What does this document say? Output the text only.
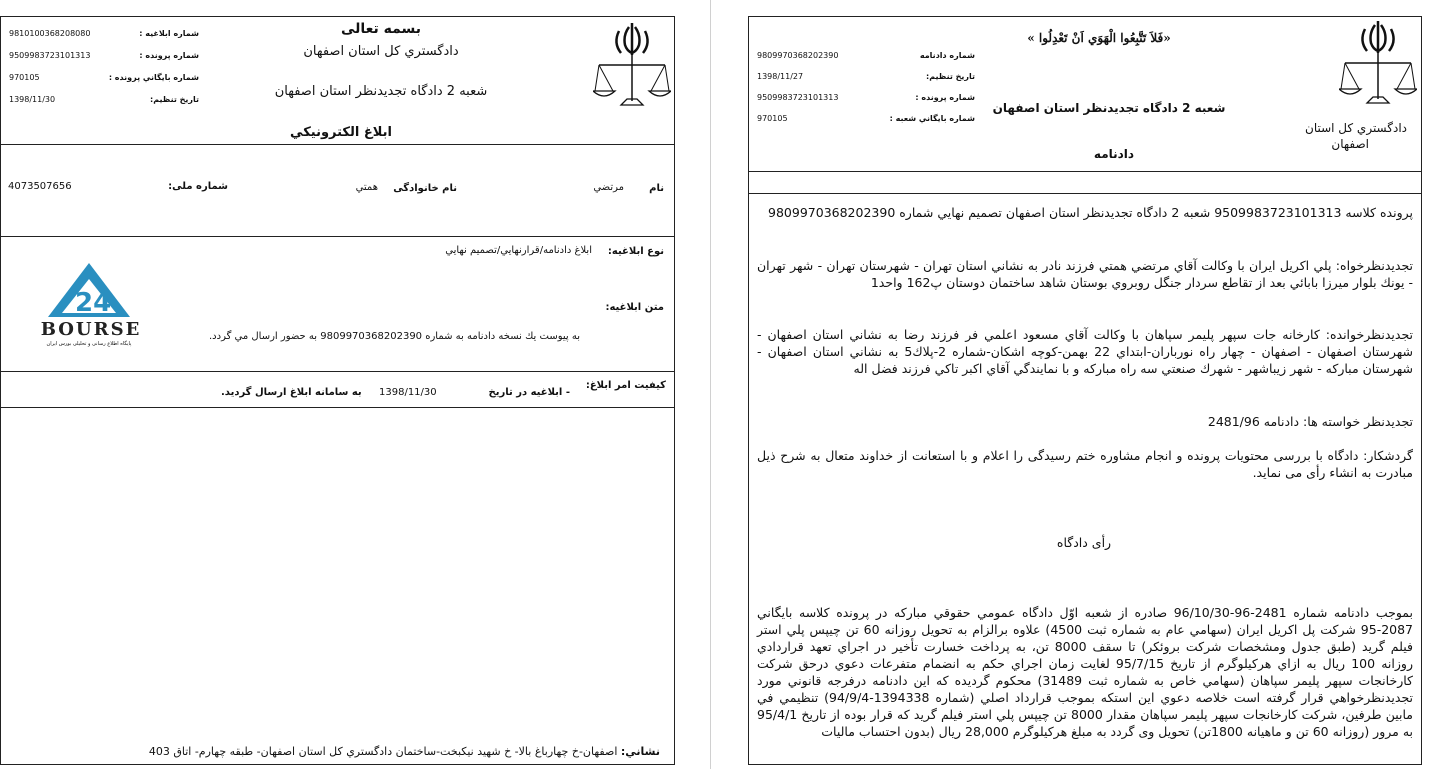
بسمه تعالی
دادگستري کل استان اصفهان
شعبه 2 دادگاه تجديدنظر استان اصفهان
9810100368208080	شماره ابلاغيه :
9509983723101313	شماره پرونده :
970105	شماره بايگاني پرونده :
1398/11/30	تاريخ تنظيم:
ابلاغ الکترونيکي
نام
مرتضي
نام خانوادگی
همتي
شماره ملی:
4073507656
نوع ابلاغيه:
ابلاغ دادنامه/قرارنهايي/تصميم نهايي
متن ابلاغيه:
به پيوست يك نسخه دادنامه به شماره 9809970368202390 به حضور ارسال مي گردد.
24
BOURSE
پایگاه اطلاع رسانی و تحلیلی بورس ایران
کيفيت امر ابلاغ:
- ابلاغيه در تاريخ
1398/11/30
به سامانه ابلاغ ارسال گرديد.
نشاني: اصفهان-خ چهارباغ بالا- خ شهيد نيکبخت-ساختمان دادگستري کل استان اصفهان- طبقه چهارم- اتاق 403
«فَلاَ تَتَّبِعُوا الْهَوَي اَنْ تَعْدِلُوا »
شعبه 2 دادگاه تجديدنظر استان اصفهان
دادگستري کل استان
اصفهان
دادنامه
9809970368202390	شماره دادنامه
1398/11/27	تاريخ تنظيم:
9509983723101313	شماره پرونده :
970105	شماره بايگاني شعبه :
پرونده کلاسه 9509983723101313 شعبه 2 دادگاه تجديدنظر استان اصفهان تصميم نهايي شماره 9809970368202390
تجديدنظرخواه: پلي اکريل ايران با وکالت آقاي مرتضي همتي فرزند نادر به نشاني استان تهران - شهرستان تهران - شهر تهران - ‌يونك بلوار ميرزا بابائي بعد از تقاطع سردار جنگل روبروي بوستان شاهد ساختمان دوستان پ162 واحد1
تجديدنظرخوانده: کارخانه جات سپهر پليمر سپاهان با وکالت آقاي مسعود اعلمي فر فرزند رضا به نشاني استان اصفهان - شهرستان اصفهان - اصفهان - چهار راه نورباران-ابتداي 22 بهمن-کوچه اشکان-شماره 2-پلاك5 به نشاني استان اصفهان - شهرستان مبارکه - شهر زيباشهر - شهرك صنعتي سه راه مبارکه و با نمايندگي آقاي اکبر تاکي فرزند فضل اله
تجديدنظر خواسته ها: دادنامه 2481/96
گردشكار: دادگاه با بررسی محتويات پرونده و انجام مشاوره ختم رسيدگی را اعلام و با استعانت از خداوند متعال به شرح ذيل مبادرت به انشاء رأی می نمايد.
رأی دادگاه
بموجب دادنامه شماره 2481-96-96/10/30 صادره از شعبه اوّل دادگاه عمومي حقوقي مبارکه در پرونده کلاسه بايگاني 2087-95 شرکت پل اکريل ايران (سهامي عام به شماره ثبت 4500) علاوه برالزام به تحويل روزانه 60 تن چيپس پلي استر فيلم گريد (طبق جدول ومشخصات شرکت بروئکر) تا سقف 8000 تن، به پرداخت خسارت تأخير در اجراي تعهد قراردادي روزانه 100 ريال به ازاي هرکيلوگرم از تاريخ 95/7/15 لغايت زمان اجراي حکم به انضمام متفرعات دعوي درحق شرکت کارخانجات سپهر پليمر سپاهان (سهامي خاص به شماره ثبت 31489) محکوم گرديده که اين دادنامه درفرجه قانوني مورد تجديدنظرخواهي قرار گرفته است خلاصه دعوي اين استکه بموجب قرارداد اصلي (شماره 1394338-94/9/4) تنظيمي في مابين طرفين، شرکت کارخانجات سپهر پليمر سپاهان مقدار 8000 تن چيپس پلي استر فيلم گريد كه قرار بوده از تاريخ 95/4/1 به مرور (روزانه 60 تن و ماهيانه 1800تن) تحويل وی گردد به مبلغ هرکيلوگرم 28,000 ريال (بدون احتساب ماليات
